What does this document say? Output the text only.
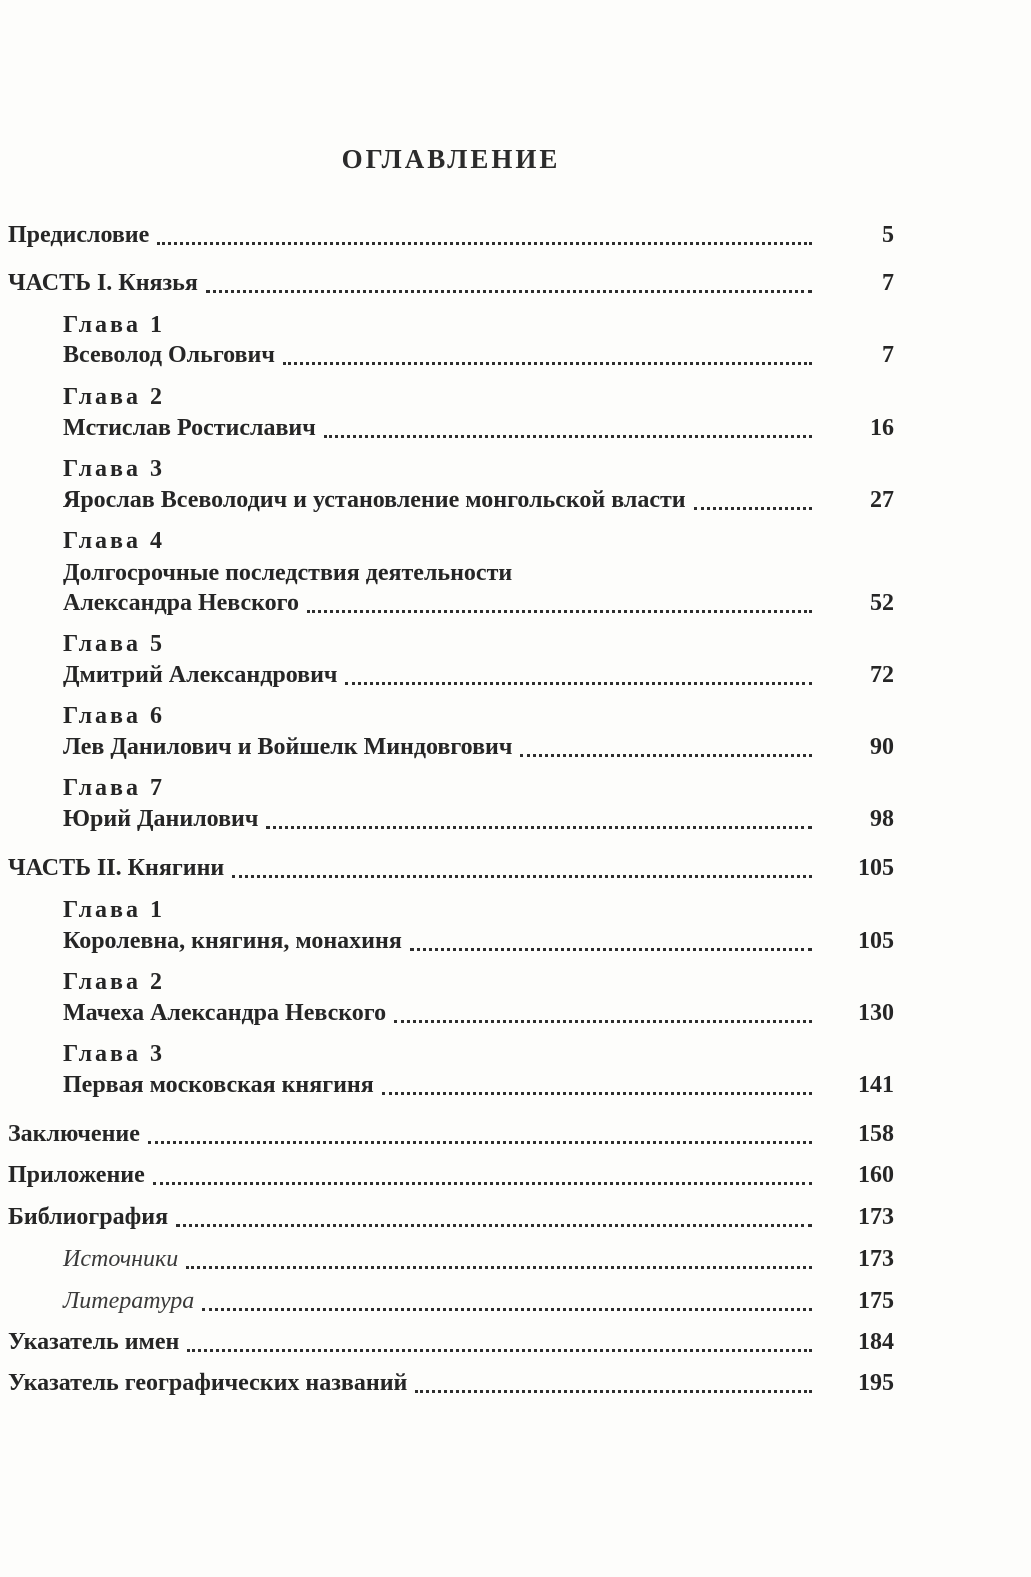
ОГЛАВЛЕНИЕ
Предисловие	5
ЧАСТЬ I. Князья	7
Глава 1
Всеволод Ольгович	7
Глава 2
Мстислав Ростиславич	16
Глава 3
Ярослав Всеволодич и установление монгольской власти	27
Глава 4
Долгосрочные последствия деятельности
Александра Невского	52
Глава 5
Дмитрий Александрович	72
Глава 6
Лев Данилович и Войшелк Миндовгович	90
Глава 7
Юрий Данилович	98
ЧАСТЬ II. Княгини	105
Глава 1
Королевна, княгиня, монахиня	105
Глава 2
Мачеха Александра Невского	130
Глава 3
Первая московская княгиня	141
Заключение	158
Приложение	160
Библиография	173
Источники	173
Литература	175
Указатель имен	184
Указатель географических названий	195
